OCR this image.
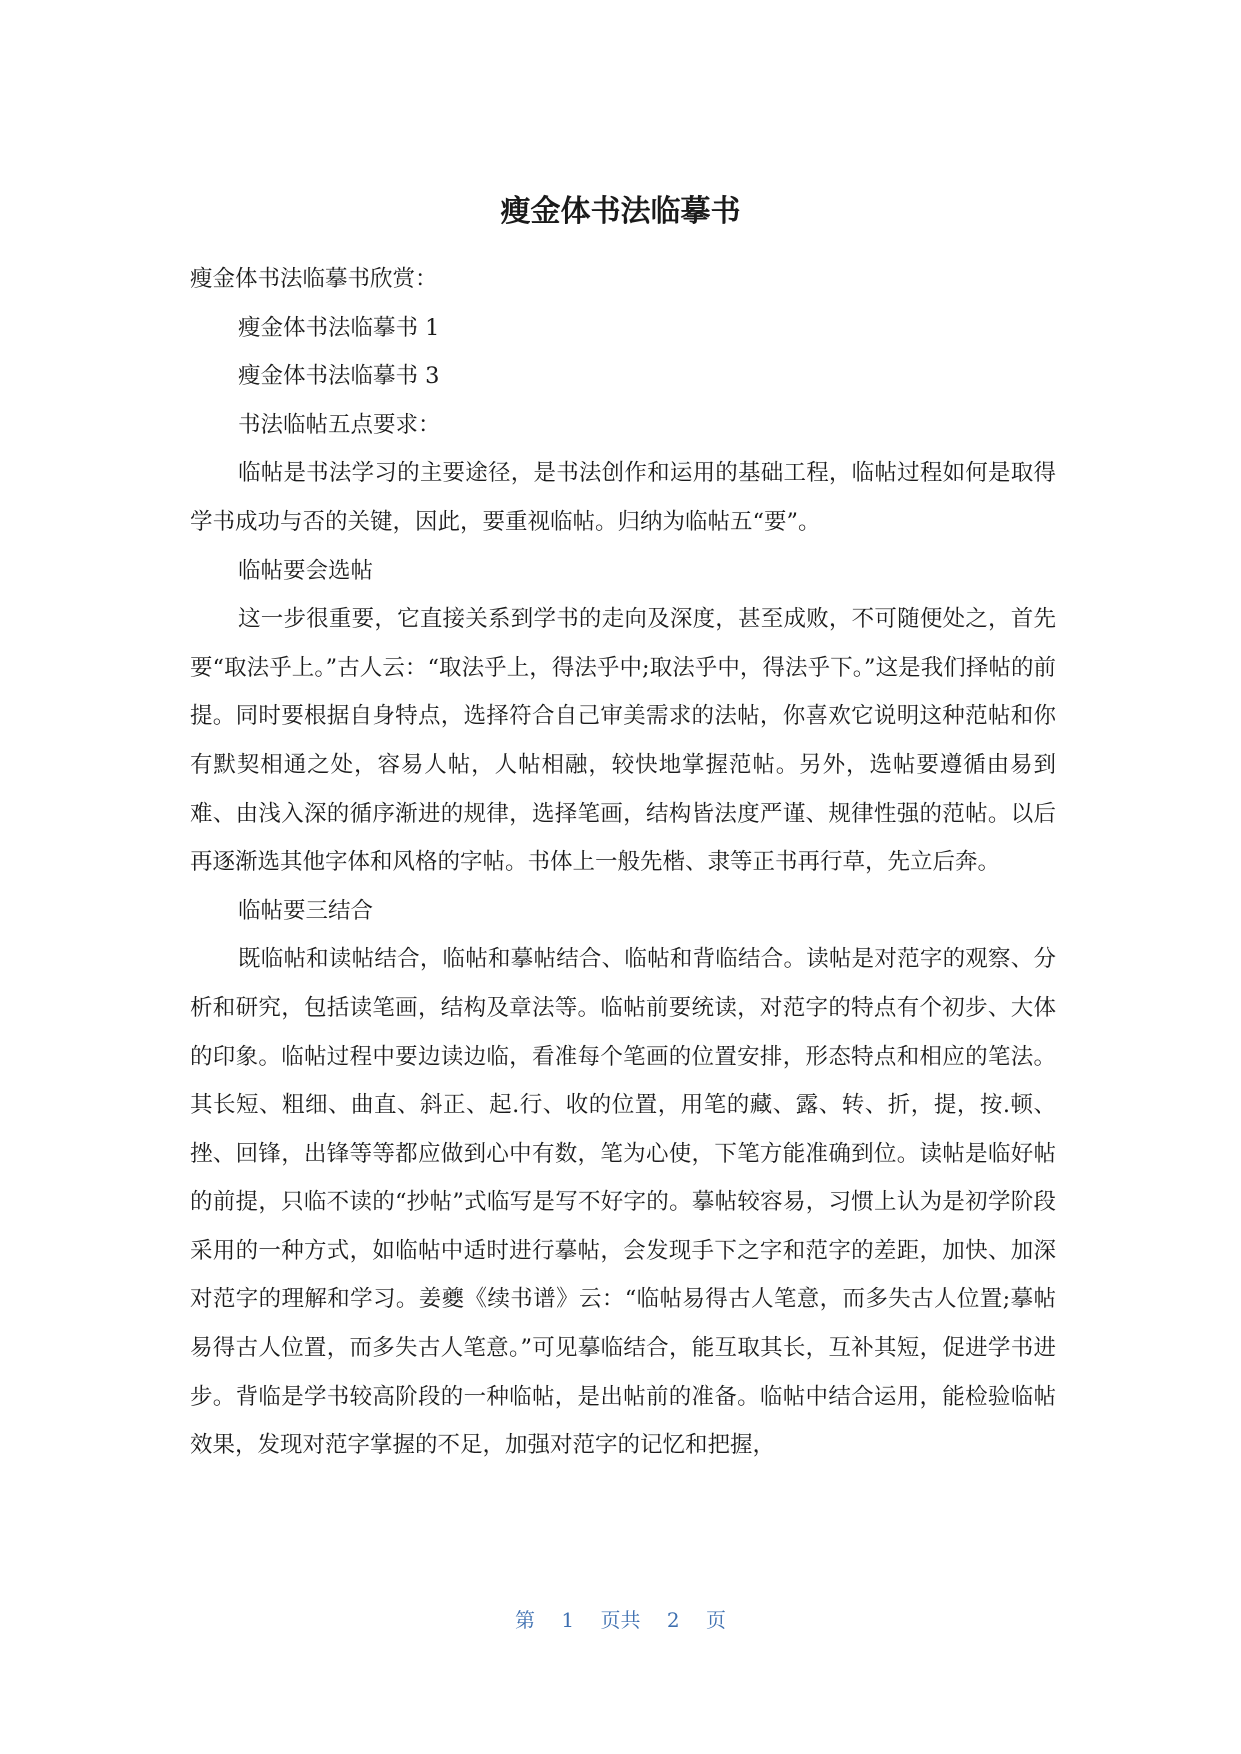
瘦金体书法临摹书

瘦金体书法临摹书欣赏：

瘦金体书法临摹书 1

瘦金体书法临摹书 3

书法临帖五点要求：

临帖是书法学习的主要途径，是书法创作和运用的基础工程，临帖过程如何是取得学书成功与否的关键，因此，要重视临帖。归纳为临帖五“要”。

临帖要会选帖

这一步很重要，它直接关系到学书的走向及深度，甚至成败，不可随便处之，首先要“取法乎上。”古人云：“取法乎上，得法乎中;取法乎中，得法乎下。”这是我们择帖的前提。同时要根据自身特点，选择符合自己审美需求的法帖，你喜欢它说明这种范帖和你有默契相通之处，容易人帖，人帖相融，较快地掌握范帖。另外，选帖要遵循由易到难、由浅入深的循序渐进的规律，选择笔画，结构皆法度严谨、规律性强的范帖。以后再逐渐选其他字体和风格的字帖。书体上一般先楷、隶等正书再行草，先立后奔。

临帖要三结合

既临帖和读帖结合，临帖和摹帖结合、临帖和背临结合。读帖是对范字的观察、分析和研究，包括读笔画，结构及章法等。临帖前要统读，对范字的特点有个初步、大体的印象。临帖过程中要边读边临，看准每个笔画的位置安排，形态特点和相应的笔法。其长短、粗细、曲直、斜正、起.行、收的位置，用笔的藏、露、转、折，提，按.顿、挫、回锋，出锋等等都应做到心中有数，笔为心使，下笔方能准确到位。读帖是临好帖的前提，只临不读的“抄帖”式临写是写不好字的。摹帖较容易，习惯上认为是初学阶段采用的一种方式，如临帖中适时进行摹帖，会发现手下之字和范字的差距，加快、加深对范字的理解和学习。姜夔《续书谱》云：“临帖易得古人笔意，而多失古人位置;摹帖易得古人位置，而多失古人笔意。”可见摹临结合，能互取其长，互补其短，促进学书进步。背临是学书较高阶段的一种临帖，是出帖前的准备。临帖中结合运用，能检验临帖效果，发现对范字掌握的不足，加强对范字的记忆和把握，

第 1 页共 2 页
